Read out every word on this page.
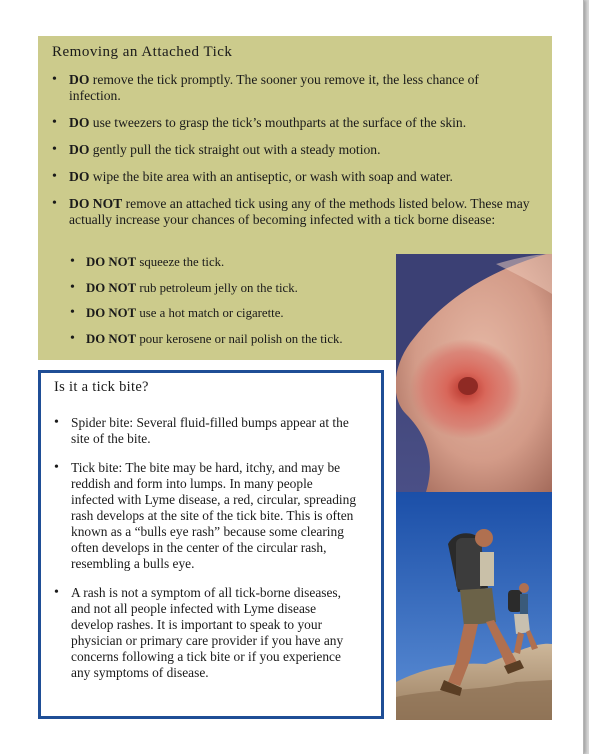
Removing an Attached Tick
• DO remove the tick promptly. The sooner you remove it, the less chance of infection.
• DO use tweezers to grasp the tick’s mouthparts at the surface of the skin.
• DO gently pull the tick straight out with a steady motion.
• DO wipe the bite area with an antiseptic, or wash with soap and water.
• DO NOT remove an attached tick using any of the methods listed below. These may actually increase your chances of becoming infected with a tick borne disease:
• DO NOT squeeze the tick.
• DO NOT rub petroleum jelly on the tick.
• DO NOT use a hot match or cigarette.
• DO NOT pour kerosene or nail polish on the tick.
Is it a tick bite?
• Spider bite: Several fluid-filled bumps appear at the site of the bite.
• Tick bite: The bite may be hard, itchy, and may be reddish and form into lumps. In many people infected with Lyme disease, a red, circular, spreading rash develops at the site of the tick bite. This is often known as a “bulls eye rash” because some clearing often develops in the center of the circular rash, resembling a bulls eye.
• A rash is not a symptom of all tick-borne diseases, and not all people infected with Lyme disease develop rashes. It is important to speak to your physician or primary care provider if you have any concerns following a tick bite or if you experience any symptoms of disease.
